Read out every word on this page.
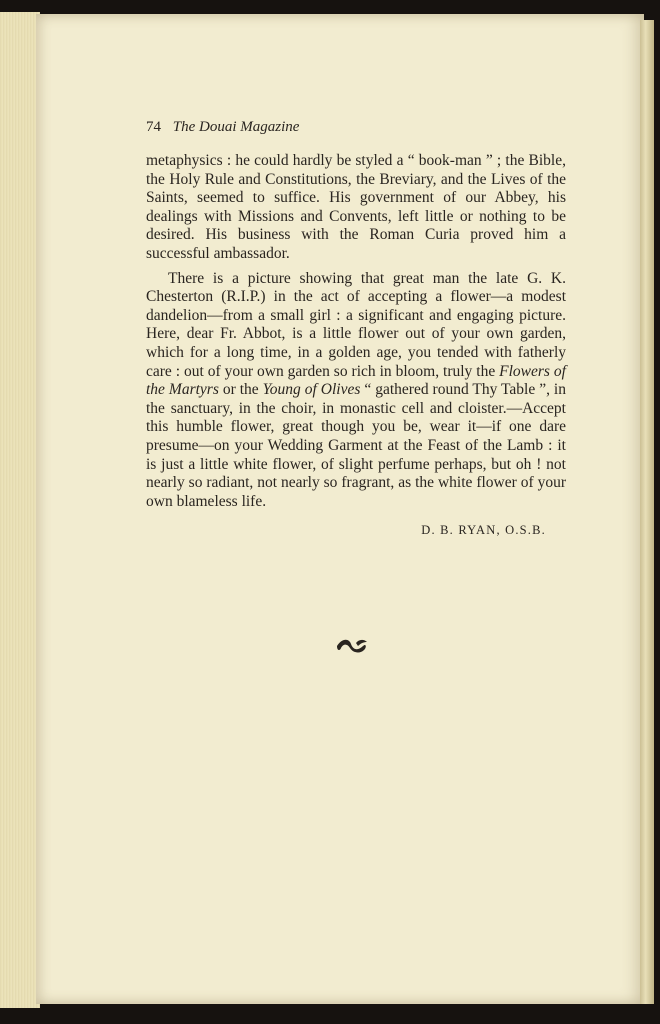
74 The Douai Magazine

metaphysics : he could hardly be styled a “ book-man ” ; the Bible, the Holy Rule and Constitutions, the Breviary, and the Lives of the Saints, seemed to suffice. His government of our Abbey, his dealings with Missions and Convents, left little or nothing to be desired. His business with the Roman Curia proved him a successful ambassador.

There is a picture showing that great man the late G. K. Chesterton (R.I.P.) in the act of accepting a flower—a modest dandelion—from a small girl : a significant and engaging picture. Here, dear Fr. Abbot, is a little flower out of your own garden, which for a long time, in a golden age, you tended with fatherly care : out of your own garden so rich in bloom, truly the Flowers of the Martyrs or the Young of Olives “ gathered round Thy Table ”, in the sanctuary, in the choir, in monastic cell and cloister.—Accept this humble flower, great though you be, wear it—if one dare presume—on your Wedding Garment at the Feast of the Lamb : it is just a little white flower, of slight perfume perhaps, but oh ! not nearly so radiant, not nearly so fragrant, as the white flower of your own blameless life.

D. B. RYAN, O.S.B.
